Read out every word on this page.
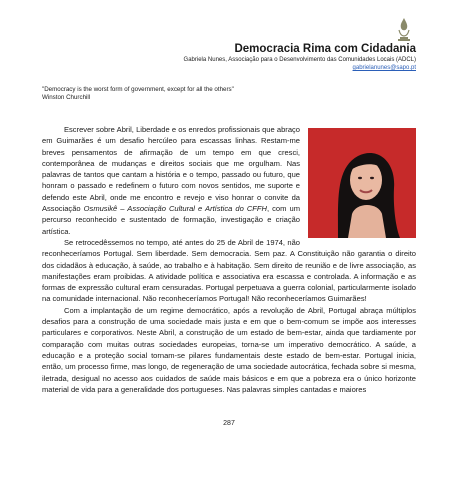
Democracia Rima com Cidadania
Gabriela Nunes, Associação para o Desenvolvimento das Comunidades Locais (ADCL)
gabrielanunes@sapo.pt
"Democracy is the worst form of government, except for all the others"
Winston Churchill

Escrever sobre Abril, Liberdade e os enredos profissionais que abraço em Guimarães é um desafio hercúleo para escassas linhas. Restam-me breves pensamentos de afirmação de um tempo em que cresci, contemporânea de mudanças e direitos sociais que me orgulham. Nas palavras de tantos que cantam a história e o tempo, passado ou futuro, que honram o passado e redefinem o futuro com novos sentidos, me suporte e defendo este Abril, onde me encontro e revejo e viso honrar o convite da Associação Osmusikê – Associação Cultural e Artística do CFFH, com um percurso reconhecido e sustentado de formação, investigação e criação artística.

Se retrocedêssemos no tempo, até antes do 25 de Abril de 1974, não reconheceríamos Portugal. Sem liberdade. Sem democracia. Sem paz. A Constituição não garantia o direito dos cidadãos à educação, à saúde, ao trabalho e à habitação. Sem direito de reunião e de livre associação, as manifestações eram proibidas. A atividade política e associativa era escassa e controlada. A informação e as formas de expressão cultural eram censuradas. Portugal perpetuava a guerra colonial, particularmente isolado na comunidade internacional. Não reconheceríamos Portugal! Não reconheceríamos Guimarães!

Com a implantação de um regime democrático, após a revolução de Abril, Portugal abraça múltiplos desafios para a construção de uma sociedade mais justa e em que o bem-comum se impõe aos interesses particulares e corporativos. Neste Abril, a construção de um estado de bem-estar, ainda que tardiamente por comparação com muitas outras sociedades europeias, torna-se um imperativo democrático. A saúde, a educação e a proteção social tornam-se pilares fundamentais deste estado de bem-estar. Portugal inicia, então, um processo firme, mas longo, de regeneração de uma sociedade autocrática, fechada sobre si mesma, iletrada, desigual no acesso aos cuidados de saúde mais básicos e em que a pobreza era o único horizonte material de vida para a generalidade dos portugueses. Nas palavras simples cantadas e maiores

287
